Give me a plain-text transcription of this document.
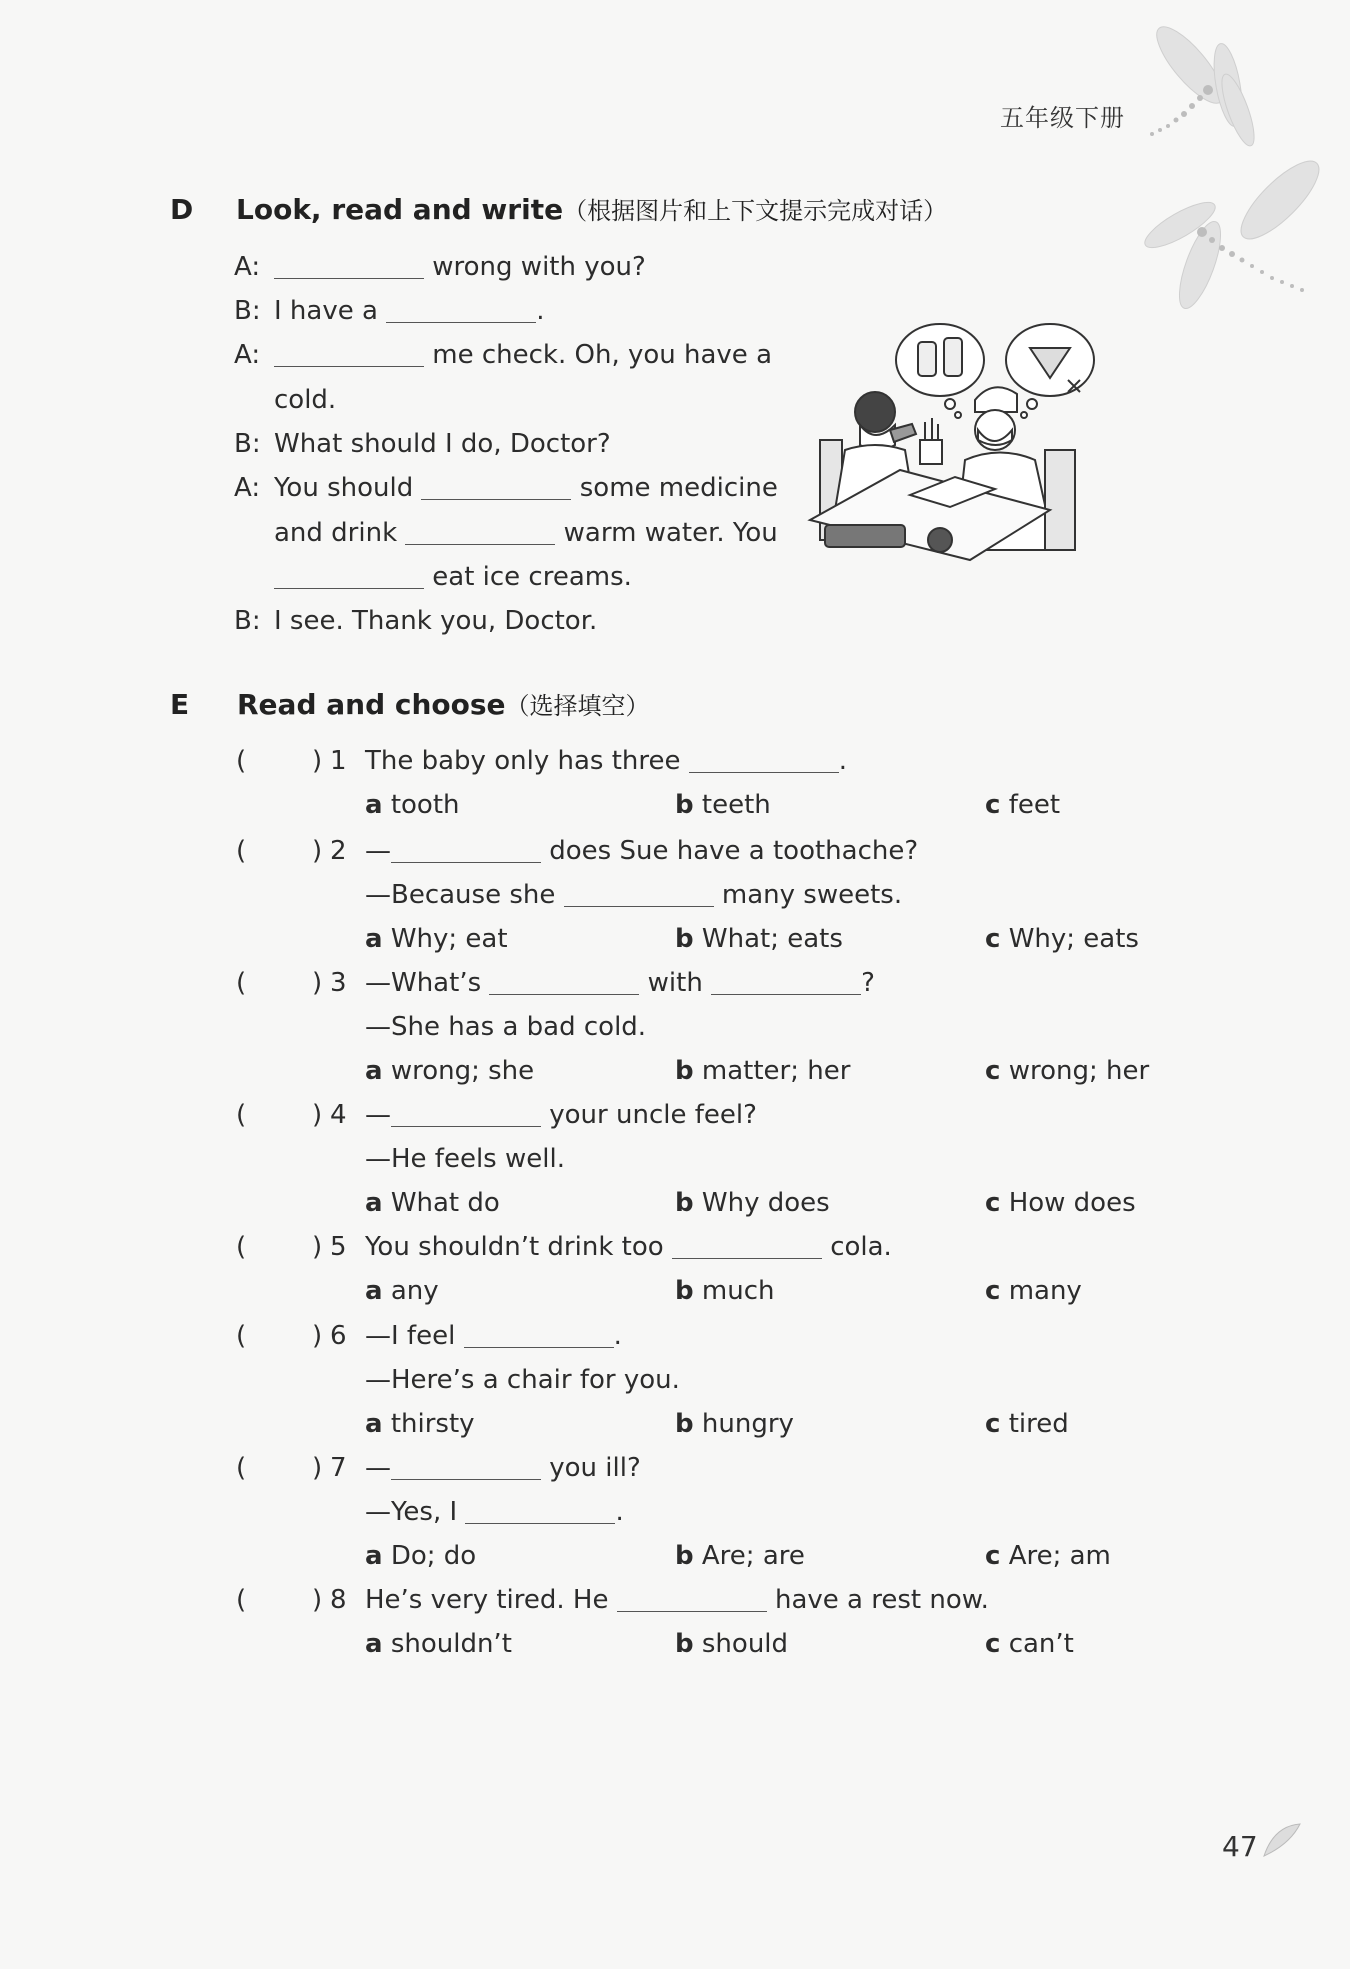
五年级下册
D Look, read and write（根据图片和上下文提示完成对话）
A:	wrong with you?
B: I have a	.
A:	me check. Oh, you have a
cold.
B: What should I do, Doctor?
A: You should	some medicine
and drink	warm water. You
eat ice creams.
B: I see. Thank you, Doctor.
E Read and choose（选择填空）
(	) 1 The baby only has three	.
a tooth	b teeth	c feet
(	) 2 —	does Sue have a toothache?
—Because she	many sweets.
a Why; eat	b What; eats	c Why; eats
(	) 3 —What’s	with	?
—She has a bad cold.
a wrong; she	b matter; her	c wrong; her
(	) 4 —	your uncle feel?
—He feels well.
a What do	b Why does	c How does
(	) 5 You shouldn’t drink too	cola.
a any	b much	c many
(	) 6 —I feel	.
—Here’s a chair for you.
a thirsty	b hungry	c tired
(	) 7 —	you ill?
—Yes, I	.
a Do; do	b Are; are	c Are; am
(	) 8 He’s very tired. He	have a rest now.
a shouldn’t	b should	c can’t
47
